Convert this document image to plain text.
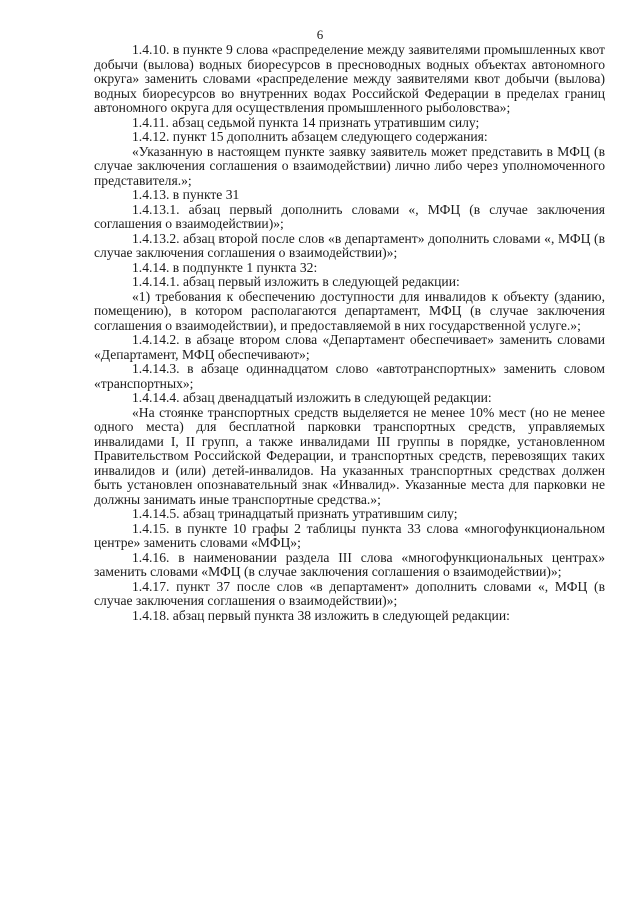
6

1.4.10. в пункте 9 слова «распределение между заявителями промышленных квот добычи (вылова) водных биоресурсов в пресноводных водных объектах автономного округа» заменить словами «распределение между заявителями квот добычи (вылова) водных биоресурсов во внутренних водах Российской Федерации в пределах границ автономного округа для осуществления промышленного рыболовства»;

1.4.11. абзац седьмой пункта 14 признать утратившим силу;

1.4.12. пункт 15 дополнить абзацем следующего содержания:

«Указанную в настоящем пункте заявку заявитель может представить в МФЦ (в случае заключения соглашения о взаимодействии) лично либо через уполномоченного представителя.»;

1.4.13. в пункте 31

1.4.13.1. абзац первый дополнить словами «, МФЦ (в случае заключения соглашения о взаимодействии)»;

1.4.13.2. абзац второй после слов «в департамент» дополнить словами «, МФЦ (в случае заключения соглашения о взаимодействии)»;

1.4.14. в подпункте 1 пункта 32:

1.4.14.1. абзац первый изложить в следующей редакции:

«1) требования к обеспечению доступности для инвалидов к объекту (зданию, помещению), в котором располагаются департамент, МФЦ (в случае заключения соглашения о взаимодействии), и предоставляемой в них государственной услуге.»;

1.4.14.2. в абзаце втором слова «Департамент обеспечивает» заменить словами «Департамент, МФЦ обеспечивают»;

1.4.14.3. в абзаце одиннадцатом слово «автотранспортных» заменить словом «транспортных»;

1.4.14.4. абзац двенадцатый изложить в следующей редакции:

«На стоянке транспортных средств выделяется не менее 10% мест (но не менее одного места) для бесплатной парковки транспортных средств, управляемых инвалидами I, II групп, а также инвалидами III группы в порядке, установленном Правительством Российской Федерации, и транспортных средств, перевозящих таких инвалидов и (или) детей-инвалидов. На указанных транспортных средствах должен быть установлен опознавательный знак «Инвалид». Указанные места для парковки не должны занимать иные транспортные средства.»;

1.4.14.5. абзац тринадцатый признать утратившим силу;

1.4.15. в пункте 10 графы 2 таблицы пункта 33 слова «многофункциональном центре» заменить словами «МФЦ»;

1.4.16. в наименовании раздела III слова «многофункциональных центрах» заменить словами «МФЦ (в случае заключения соглашения о взаимодействии)»;

1.4.17. пункт 37 после слов «в департамент» дополнить словами «, МФЦ (в случае заключения соглашения о взаимодействии)»;

1.4.18. абзац первый пункта 38 изложить в следующей редакции:
